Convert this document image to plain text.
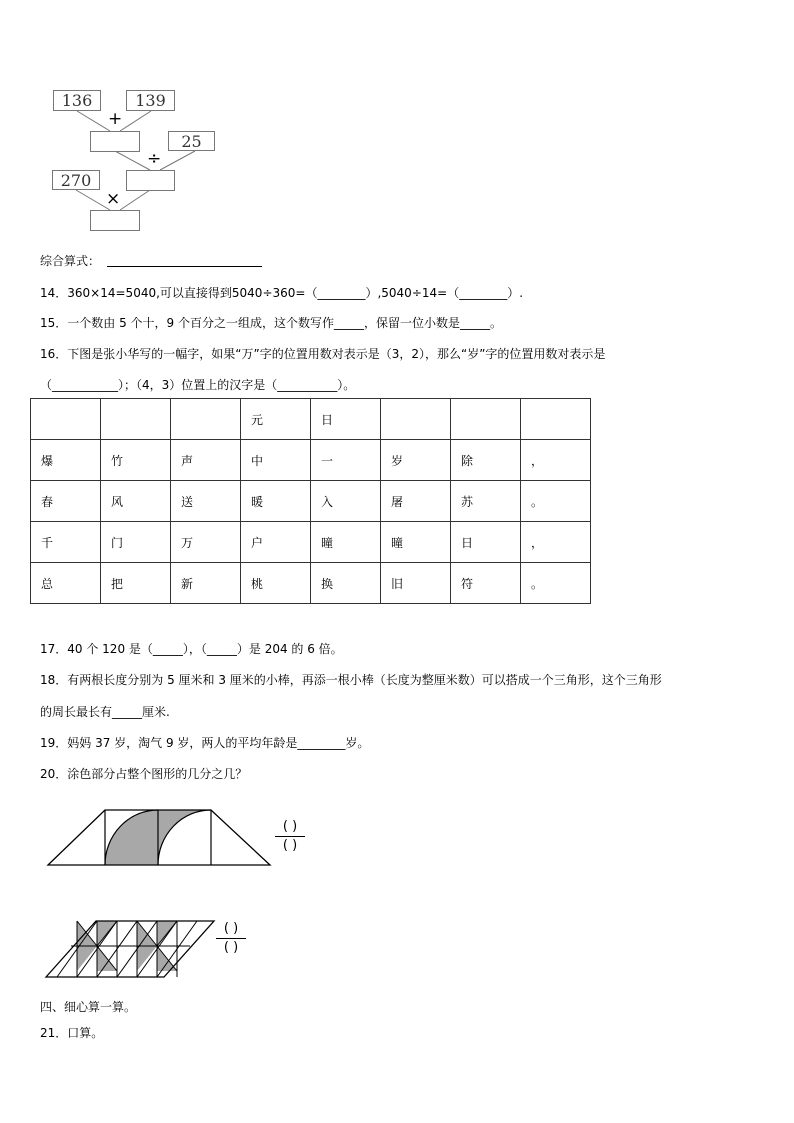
136	139
+
25
÷
270
×
综合算式：
14．360×14=5040,可以直接得到5040÷360=（________）,5040÷14=（________）.
15．一个数由 5 个十，9 个百分之一组成，这个数写作_____，保留一位小数是_____。
16．下图是张小华写的一幅字，如果“万”字的位置用数对表示是（3，2），那么“岁”字的位置用数对表示是
（___________）；（4，3）位置上的汉字是（__________）。
			元	日			
爆	竹	声	中	一	岁	除	，
春	风	送	暖	入	屠	苏	。
千	门	万	户	曈	曈	日	，
总	把	新	桃	换	旧	符	。
17．40 个 120 是（_____），（_____）是 204 的 6 倍。
18．有两根长度分别为 5 厘米和 3 厘米的小棒，再添一根小棒（长度为整厘米数）可以搭成一个三角形，这个三角形
的周长最长有_____厘米.
19．妈妈 37 岁，淘气 9 岁，两人的平均年龄是________岁。
20．涂色部分占整个图形的几分之几？
( )
( )
( )
( )
四、细心算一算。
21．口算。
